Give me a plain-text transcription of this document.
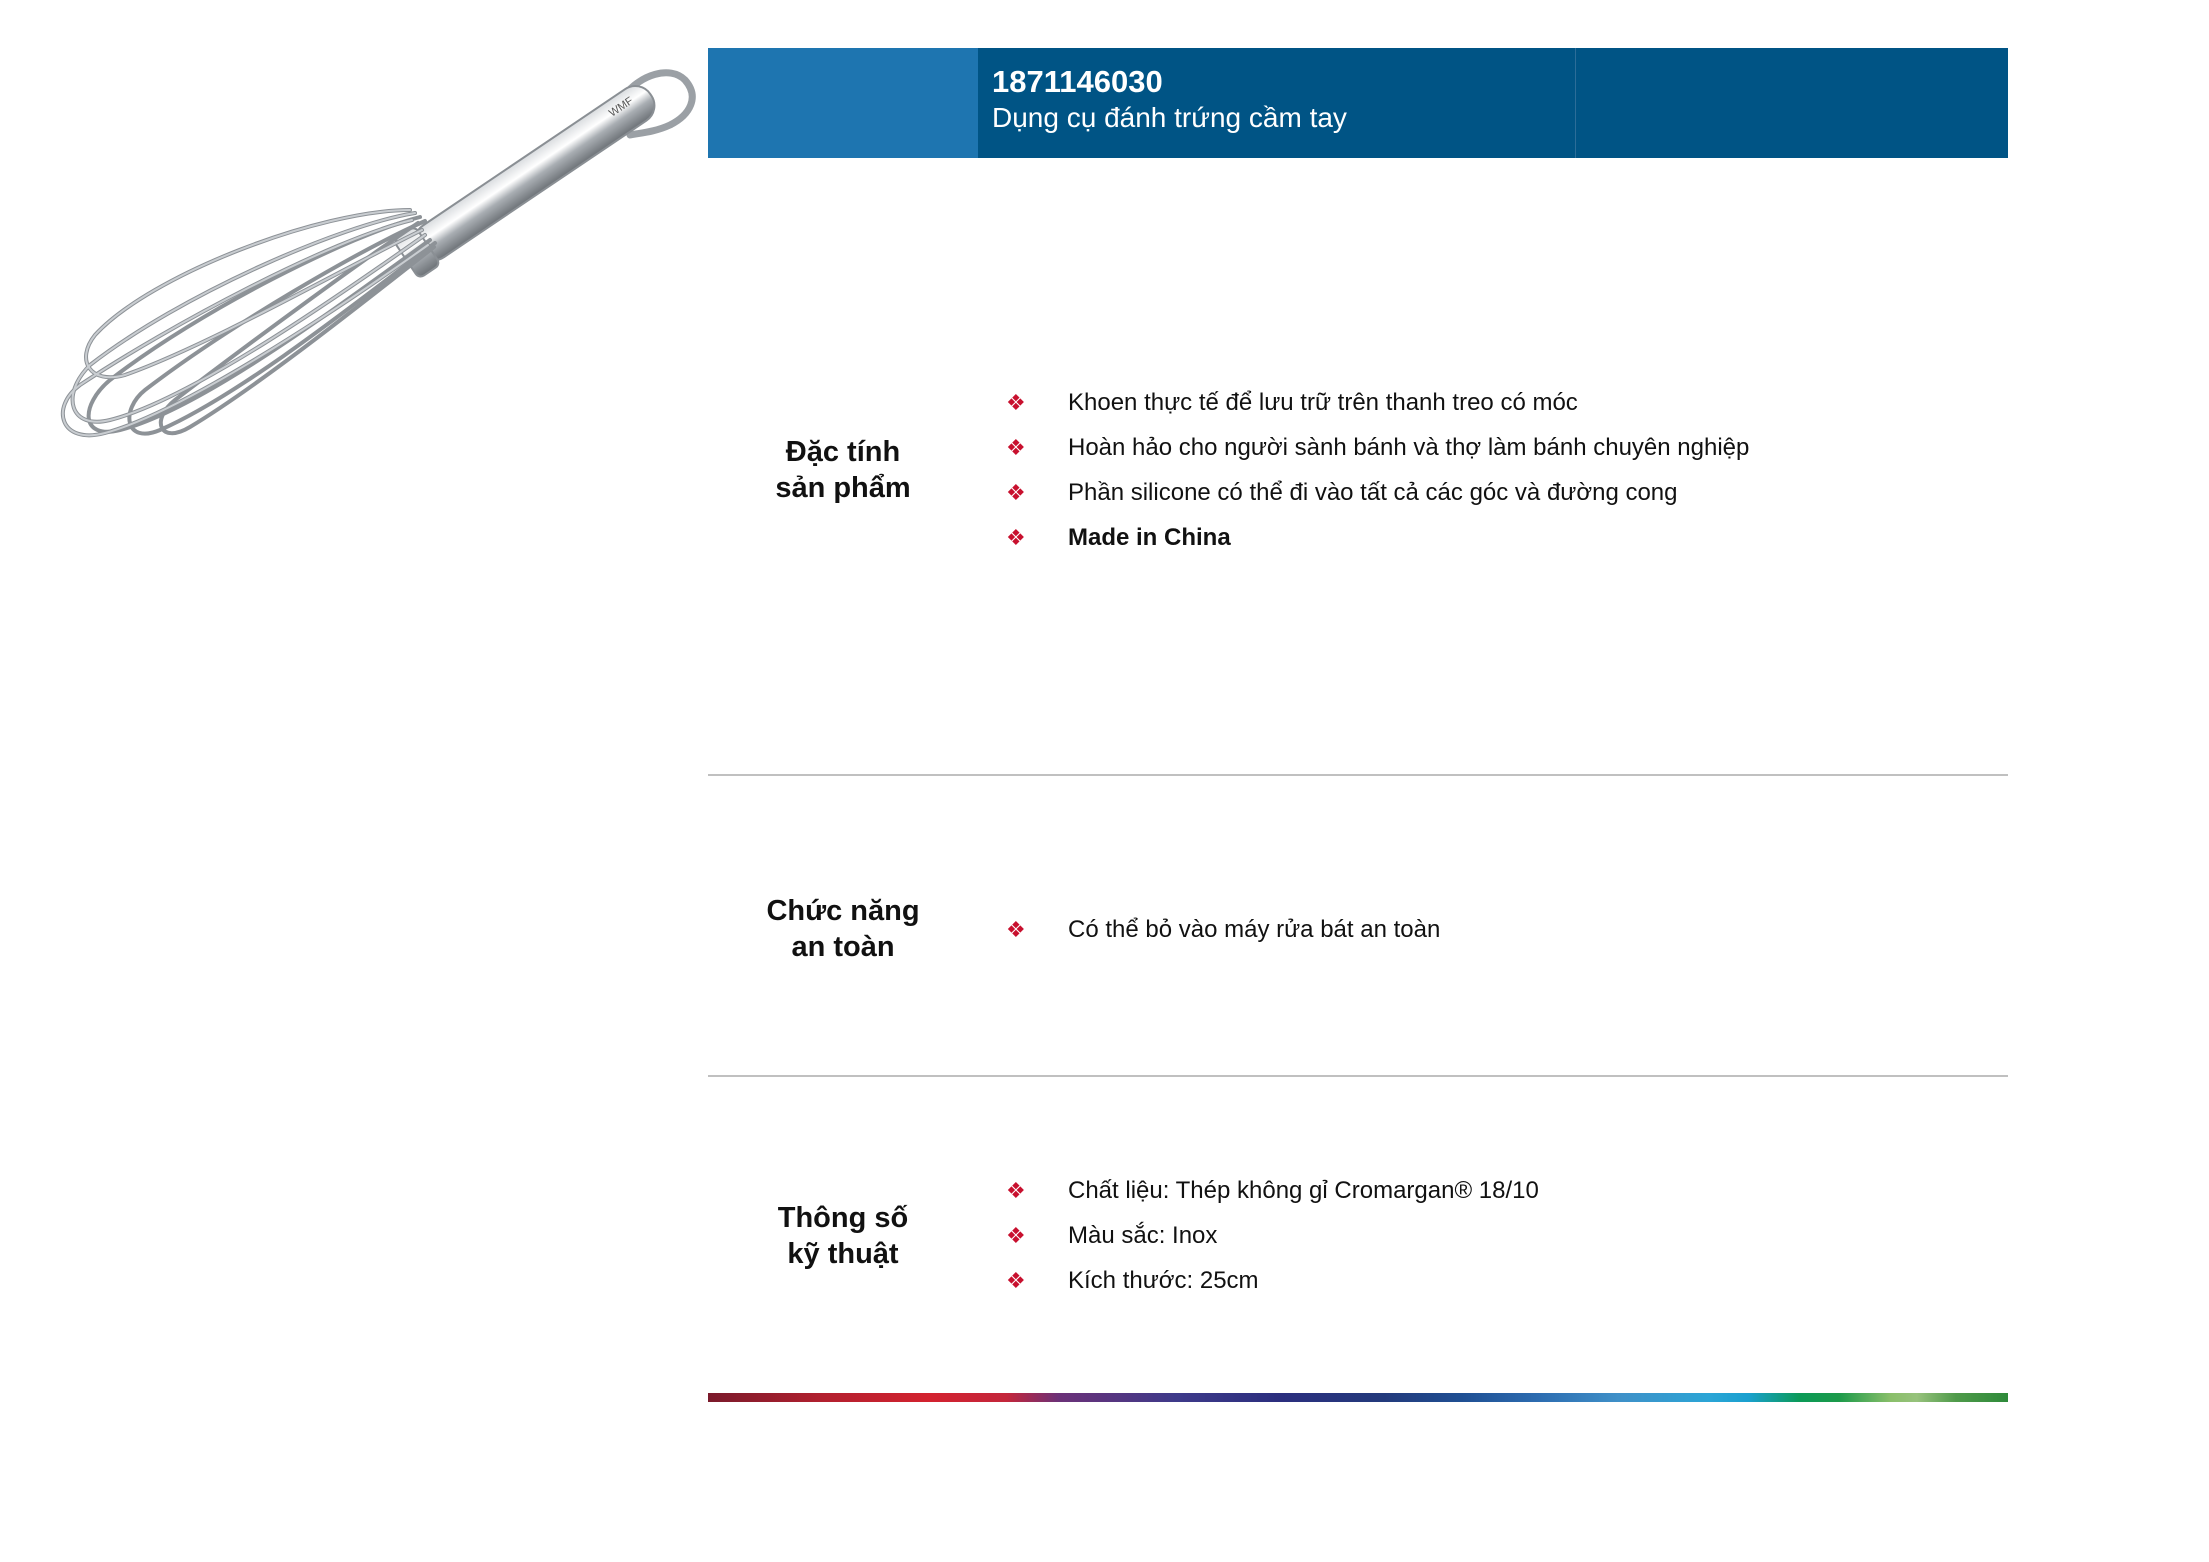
WMF
1871146030
Dụng cụ đánh trứng cầm tay
Đặc tính
sản phẩm
❖	Khoen thực tế để lưu trữ trên thanh treo có móc
❖	Hoàn hảo cho người sành bánh và thợ làm bánh chuyên nghiệp
❖	Phần silicone có thể đi vào tất cả các góc và đường cong
❖	Made in China
Chức năng
an toàn
❖	Có thể bỏ vào máy rửa bát an toàn
Thông số
kỹ thuật
❖	Chất liệu: Thép không gỉ Cromargan® 18/10
❖	Màu sắc: Inox
❖	Kích thước: 25cm
